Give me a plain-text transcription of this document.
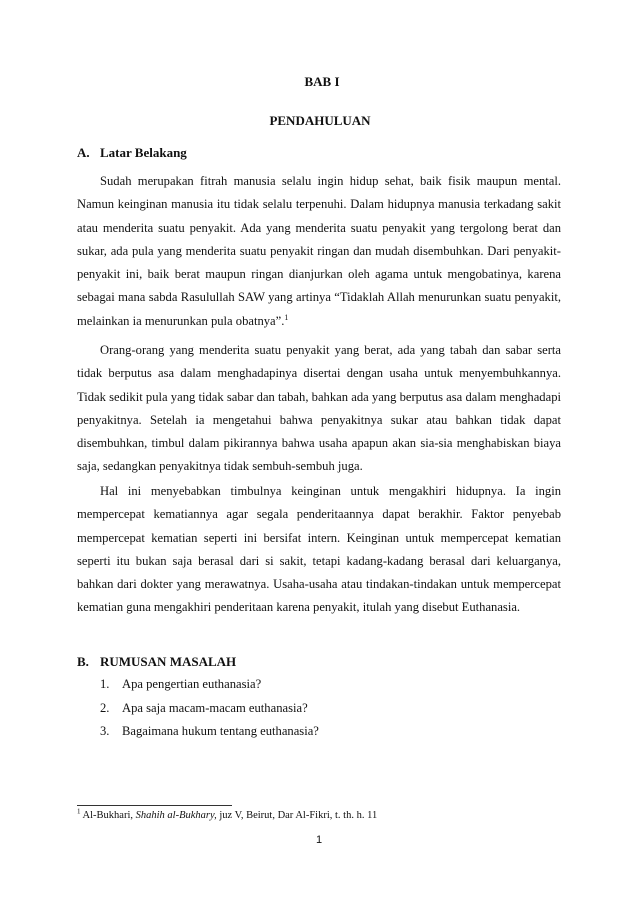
BAB I
PENDAHULUAN
A. Latar Belakang

Sudah merupakan fitrah manusia selalu ingin hidup sehat, baik fisik maupun mental. Namun keinginan manusia itu tidak selalu terpenuhi. Dalam hidupnya manusia terkadang sakit atau menderita suatu penyakit. Ada yang menderita suatu penyakit yang tergolong berat dan sukar, ada pula yang menderita suatu penyakit ringan dan mudah disembuhkan. Dari penyakit-penyakit ini, baik berat maupun ringan dianjurkan oleh agama untuk mengobatinya, karena sebagai mana sabda Rasulullah SAW yang artinya “Tidaklah Allah menurunkan suatu penyakit, melainkan ia menurunkan pula obatnya”.$^1$

Orang-orang yang menderita suatu penyakit yang berat, ada yang tabah dan sabar serta tidak berputus asa dalam menghadapinya disertai dengan usaha untuk menyembuhkannya. Tidak sedikit pula yang tidak sabar dan tabah, bahkan ada yang berputus asa dalam menghadapi penyakitnya. Setelah ia mengetahui bahwa penyakitnya sukar atau bahkan tidak dapat disembuhkan, timbul dalam pikirannya bahwa usaha apapun akan sia-sia menghabiskan biaya saja, sedangkan penyakitnya tidak sembuh-sembuh juga.

Hal ini menyebabkan timbulnya keinginan untuk mengakhiri hidupnya. Ia ingin mempercepat kematiannya agar segala penderitaannya dapat berakhir. Faktor penyebab mempercepat kematian seperti ini bersifat intern. Keinginan untuk mempercepat kematian seperti itu bukan saja berasal dari si sakit, tetapi kadang-kadang berasal dari keluarganya, bahkan dari dokter yang merawatnya. Usaha-usaha atau tindakan-tindakan untuk mempercepat kematian guna mengakhiri penderitaan karena penyakit, itulah yang disebut Euthanasia.

B. RUMUSAN MASALAH
1. Apa pengertian euthanasia?
2. Apa saja macam-macam euthanasia?
3. Bagaimana hukum tentang euthanasia?
$^1$ Al-Bukhari, Shahih al-Bukhary, juz V, Beirut, Dar Al-Fikri, t. th. h. 11
1
